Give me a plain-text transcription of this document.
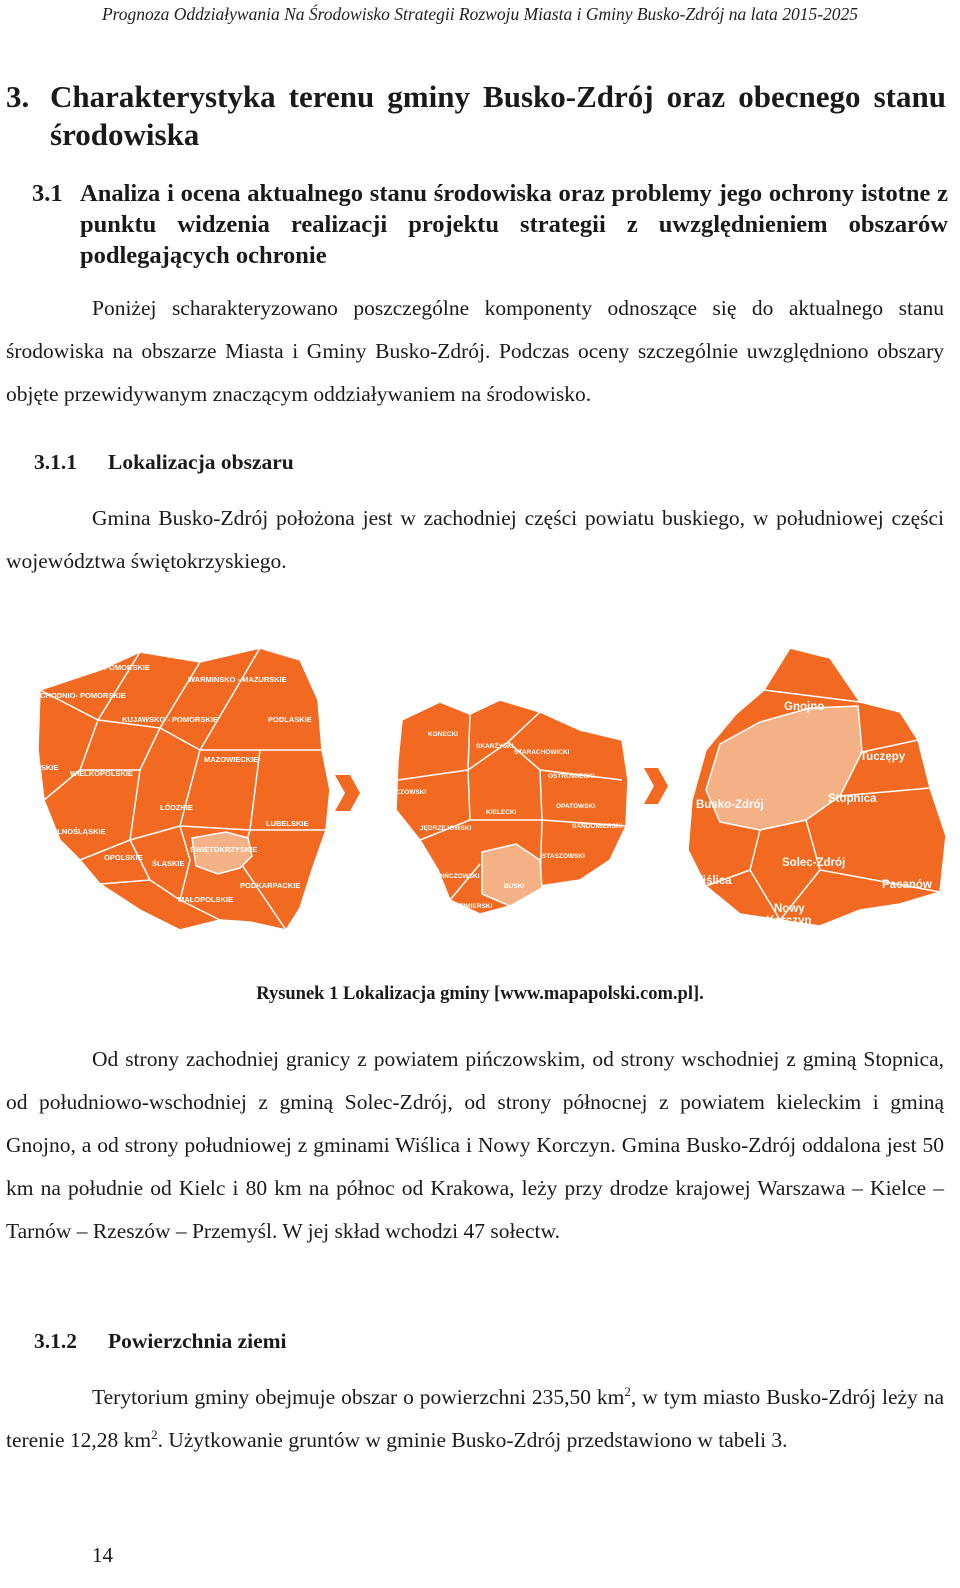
Prognoza Oddziaływania Na Środowisko Strategii Rozwoju Miasta i Gminy Busko-Zdrój na lata 2015-2025
3. Charakterystyka terenu gminy Busko-Zdrój oraz obecnego stanu środowiska
3.1 Analiza i ocena aktualnego stanu środowiska oraz problemy jego ochrony istotne z punktu widzenia realizacji projektu strategii z uwzględnieniem obszarów podlegających ochronie

Poniżej scharakteryzowano poszczególne komponenty odnoszące się do aktualnego stanu środowiska na obszarze Miasta i Gminy Busko-Zdrój. Podczas oceny szczególnie uwzględniono obszary objęte przewidywanym znaczącym oddziaływaniem na środowisko.

3.1.1 Lokalizacja obszaru

Gmina Busko-Zdrój położona jest w zachodniej części powiatu buskiego, w południowej części województwa świętokrzyskiego.

POMORSKIE
WARMIŃSKO - MAZURSKIE
ZACHODNIO- POMORSKIE
KUJAWSKO - POMORSKIE	PODLASKIE
LUBUSKIE
WIELKOPOLSKIE
MAZOWIECKIE
ŁÓDZKIE
LUBELSKIE
DOLNOŚLĄSKIE
OPOLSKIE
ŚLĄSKIE
ŚWIĘTOKRZYSKIE
PODKARPACKIE
MAŁOPOLSKIE
KONECKI
SKARŻYSKI
STARACHOWICKI
OSTROWIECKI
WŁOSZCZOWSKI
KIELECKI
OPATOWSKI
JĘDRZEJOWSKI	SANDOMIERSKI
STASZOWSKI
PIŃCZOWSKI
BUSKI
KAZIMIERSKI
Gnojno
Tuczępy
Busko-Zdrój	Stopnica
Solec-Zdrój
Wiślica	Pacanów
Nowy
Korczyn
Rysunek 1 Lokalizacja gminy [www.mapapolski.com.pl].

Od strony zachodniej granicy z powiatem pińczowskim, od strony wschodniej z gminą Stopnica, od południowo-wschodniej z gminą Solec-Zdrój, od strony północnej z powiatem kieleckim i gminą Gnojno, a od strony południowej z gminami Wiślica i Nowy Korczyn. Gmina Busko-Zdrój oddalona jest 50 km na południe od Kielc i 80 km na północ od Krakowa, leży przy drodze krajowej Warszawa – Kielce – Tarnów – Rzeszów – Przemyśl. W jej skład wchodzi 47 sołectw.

3.1.2 Powierzchnia ziemi

Terytorium gminy obejmuje obszar o powierzchni 235,50 $km^2$, w tym miasto Busko-Zdrój leży na terenie 12,28 $km^2$. Użytkowanie gruntów w gminie Busko-Zdrój przedstawiono w tabeli 3.

14
